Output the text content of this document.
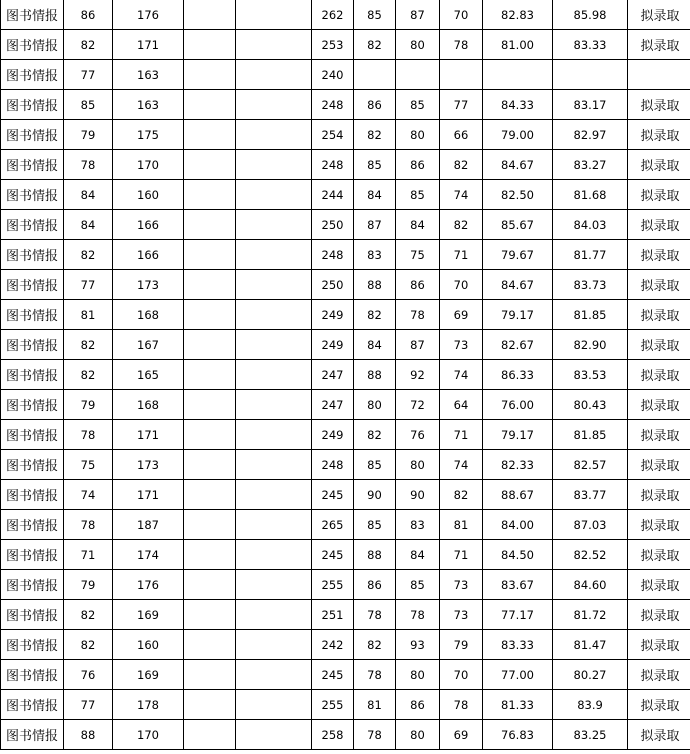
图书情报	86	176			262	85	87	70	82.83	85.98	拟录取
图书情报	82	171			253	82	80	78	81.00	83.33	拟录取
图书情报	77	163			240						
图书情报	85	163			248	86	85	77	84.33	83.17	拟录取
图书情报	79	175			254	82	80	66	79.00	82.97	拟录取
图书情报	78	170			248	85	86	82	84.67	83.27	拟录取
图书情报	84	160			244	84	85	74	82.50	81.68	拟录取
图书情报	84	166			250	87	84	82	85.67	84.03	拟录取
图书情报	82	166			248	83	75	71	79.67	81.77	拟录取
图书情报	77	173			250	88	86	70	84.67	83.73	拟录取
图书情报	81	168			249	82	78	69	79.17	81.85	拟录取
图书情报	82	167			249	84	87	73	82.67	82.90	拟录取
图书情报	82	165			247	88	92	74	86.33	83.53	拟录取
图书情报	79	168			247	80	72	64	76.00	80.43	拟录取
图书情报	78	171			249	82	76	71	79.17	81.85	拟录取
图书情报	75	173			248	85	80	74	82.33	82.57	拟录取
图书情报	74	171			245	90	90	82	88.67	83.77	拟录取
图书情报	78	187			265	85	83	81	84.00	87.03	拟录取
图书情报	71	174			245	88	84	71	84.50	82.52	拟录取
图书情报	79	176			255	86	85	73	83.67	84.60	拟录取
图书情报	82	169			251	78	78	73	77.17	81.72	拟录取
图书情报	82	160			242	82	93	79	83.33	81.47	拟录取
图书情报	76	169			245	78	80	70	77.00	80.27	拟录取
图书情报	77	178			255	81	86	78	81.33	83.9	拟录取
图书情报	88	170			258	78	80	69	76.83	83.25	拟录取
